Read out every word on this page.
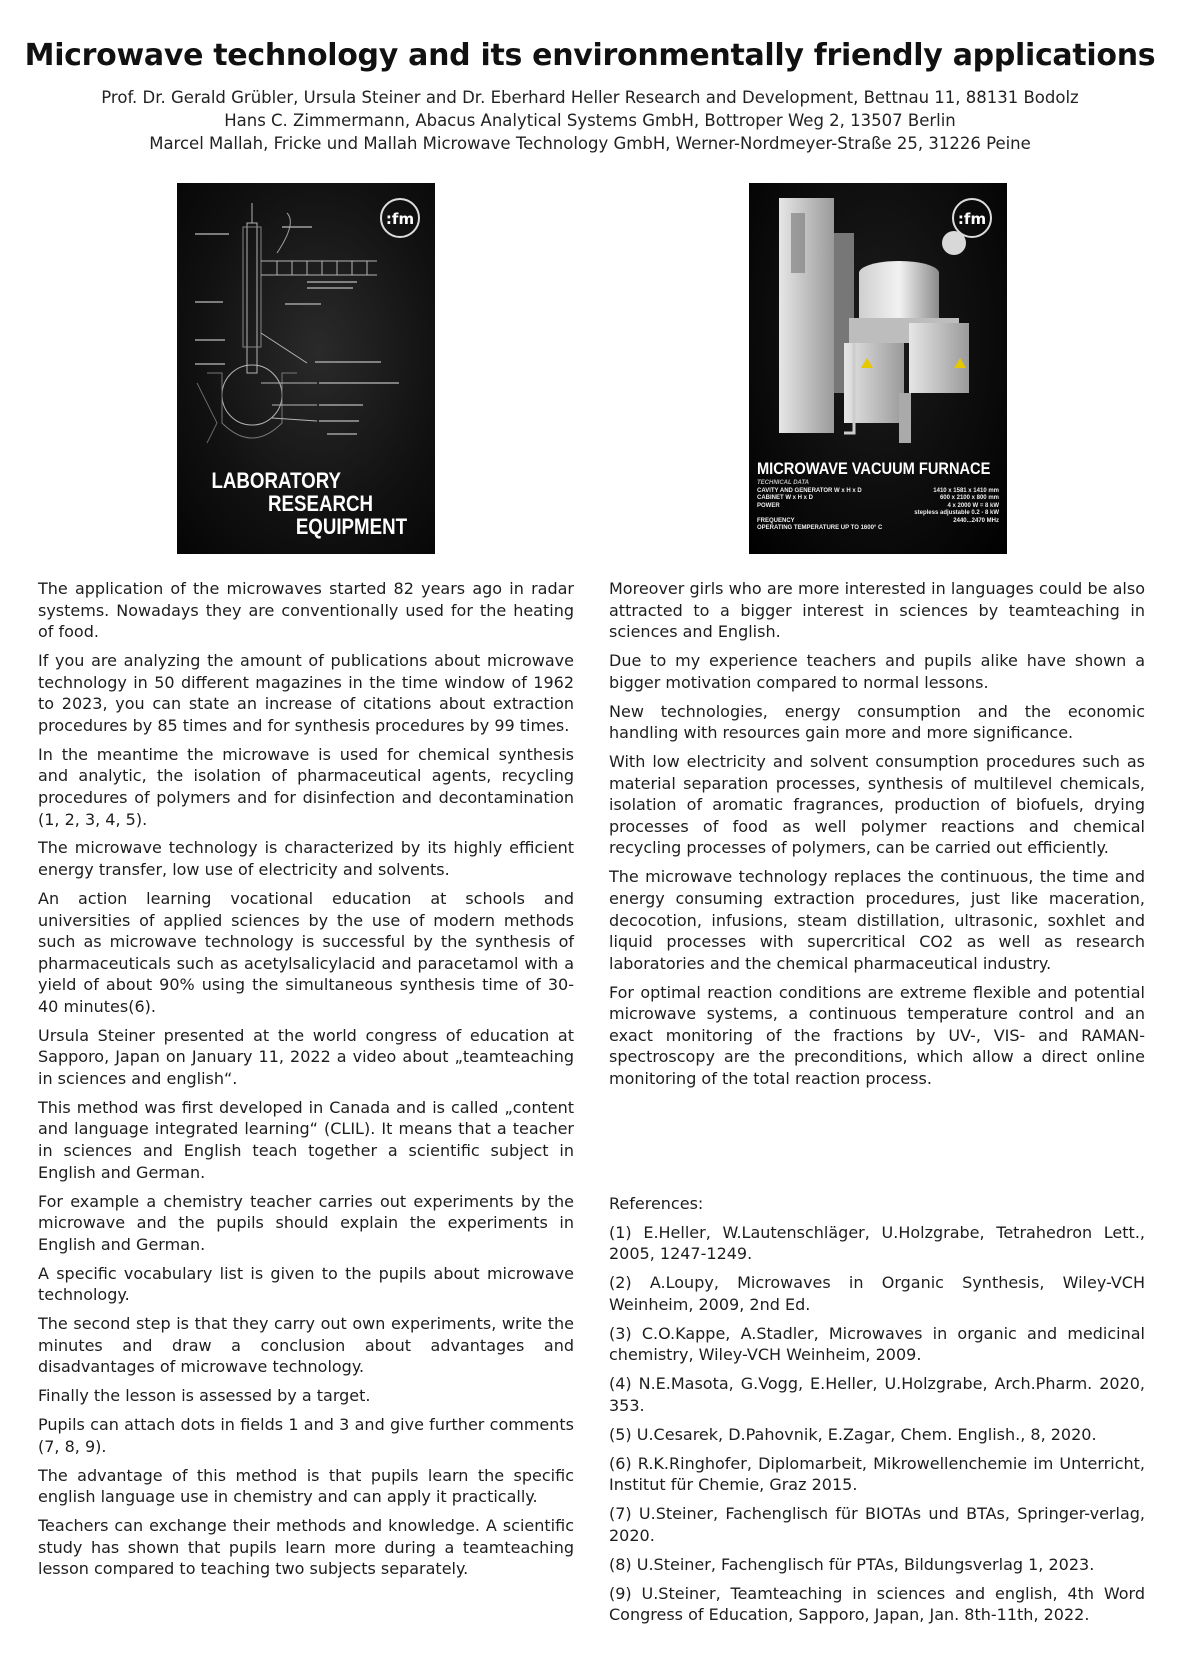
Microwave technology and its environmentally friendly applications
Prof. Dr. Gerald Grübler, Ursula Steiner and Dr. Eberhard Heller Research and Development, Bettnau 11, 88131 Bodolz
Hans C. Zimmermann, Abacus Analytical Systems GmbH, Bottroper Weg 2, 13507 Berlin
Marcel Mallah, Fricke und Mallah Microwave Technology GmbH, Werner-Nordmeyer-Straße 25, 31226 Peine
:fm
LABORATORY
RESEARCH
EQUIPMENT
:fm
MICROWAVE VACUUM FURNACE
TECHNICAL DATA
CAVITY AND GENERATOR W x H x D	1410 x 1581 x 1410 mm
CABINET W x H x D	600 x 2100 x 800 mm
POWER	4 x 2000 W = 8 kW
stepless adjustable 0.2 - 8 kW
FREQUENCY	2440...2470 MHz
OPERATING TEMPERATURE UP TO 1600° C

The application of the microwaves started 82 years ago in radar systems. Nowadays they are conventionally used for the heating of food.

If you are analyzing the amount of publications about microwave technology in 50 different magazines in the time window of 1962 to 2023, you can state an increase of citations about extraction procedures by 85 times and for synthesis procedures by 99 times.

In the meantime the microwave is used for chemical synthesis and analytic, the isolation of pharmaceutical agents, recycling procedures of polymers and for disinfection and decontamination (1, 2, 3, 4, 5).

The microwave technology is characterized by its highly efficient energy transfer, low use of electricity and solvents.

An action learning vocational education at schools and universities of applied sciences by the use of modern methods such as microwave technology is successful by the synthesis of pharmaceuticals such as acetylsalicylacid and paracetamol with a yield of about 90% using the simultaneous synthesis time of 30-40 minutes(6).

Ursula Steiner presented at the world congress of education at Sapporo, Japan on January 11, 2022 a video about „teamteaching in sciences and english“.

This method was first developed in Canada and is called „content and language integrated learning“ (CLIL). It means that a teacher in sciences and English teach together a scientific subject in English and German.

For example a chemistry teacher carries out experiments by the microwave and the pupils should explain the experiments in English and German.

A specific vocabulary list is given to the pupils about microwave technology.

The second step is that they carry out own experiments, write the minutes and draw a conclusion about advantages and disadvantages of microwave technology.

Finally the lesson is assessed by a target.

Pupils can attach dots in fields 1 and 3 and give further comments (7, 8, 9).

The advantage of this method is that pupils learn the specific english language use in chemistry and can apply it practically.

Teachers can exchange their methods and knowledge. A scientific study has shown that pupils learn more during a teamteaching lesson compared to teaching two subjects separately.

Moreover girls who are more interested in languages could be also attracted to a bigger interest in sciences by teamteaching in sciences and English.

Due to my experience teachers and pupils alike have shown a bigger motivation compared to normal lessons.

New technologies, energy consumption and the economic handling with resources gain more and more significance.

With low electricity and solvent consumption procedures such as material separation processes, synthesis of multilevel chemicals, isolation of aromatic fragrances, production of biofuels, drying processes of food as well polymer reactions and chemical recycling processes of polymers, can be carried out efficiently.

The microwave technology replaces the continuous, the time and energy consuming extraction procedures, just like maceration, decocotion, infusions, steam distillation, ultrasonic, soxhlet and liquid processes with supercritical CO2 as well as research laboratories and the chemical pharmaceutical industry.

For optimal reaction conditions are extreme flexible and potential microwave systems, a continuous temperature control and an exact monitoring of the fractions by UV-, VIS- and RAMAN-spectroscopy are the preconditions, which allow a direct online monitoring of the total reaction process.

References:

(1) E.Heller, W.Lautenschläger, U.Holzgrabe, Tetrahedron Lett., 2005, 1247-1249.

(2) A.Loupy, Microwaves in Organic Synthesis, Wiley-VCH Weinheim, 2009, 2nd Ed.

(3) C.O.Kappe, A.Stadler, Microwaves in organic and medicinal chemistry, Wiley-VCH Weinheim, 2009.

(4) N.E.Masota, G.Vogg, E.Heller, U.Holzgrabe, Arch.Pharm. 2020, 353.

(5) U.Cesarek, D.Pahovnik, E.Zagar, Chem. English., 8, 2020.

(6) R.K.Ringhofer, Diplomarbeit, Mikrowellenchemie im Unterricht, Institut für Chemie, Graz 2015.

(7) U.Steiner, Fachenglisch für BIOTAs und BTAs, Springer-verlag, 2020.

(8) U.Steiner, Fachenglisch für PTAs, Bildungsverlag 1, 2023.

(9) U.Steiner, Teamteaching in sciences and english, 4th Word Congress of Education, Sapporo, Japan, Jan. 8th-11th, 2022.
